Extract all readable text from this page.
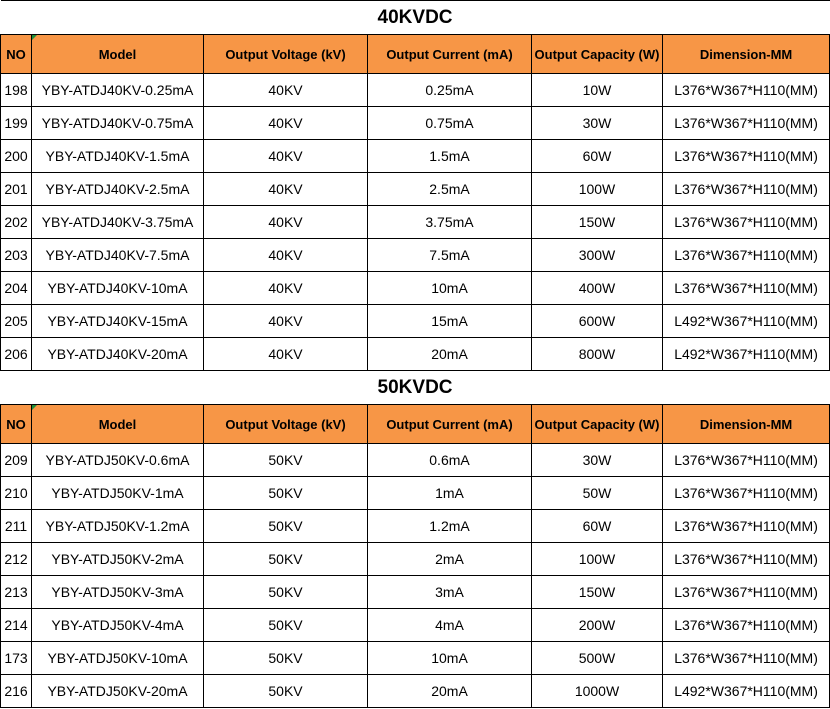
40KVDC					
NO	Model	Output Voltage (kV)	Output Current (mA)	Output Capacity (W)	Dimension-MM
198	YBY-ATDJ40KV-0.25mA	40KV	0.25mA	10W	L376*W367*H110(MM)
199	YBY-ATDJ40KV-0.75mA	40KV	0.75mA	30W	L376*W367*H110(MM)
200	YBY-ATDJ40KV-1.5mA	40KV	1.5mA	60W	L376*W367*H110(MM)
201	YBY-ATDJ40KV-2.5mA	40KV	2.5mA	100W	L376*W367*H110(MM)
202	YBY-ATDJ40KV-3.75mA	40KV	3.75mA	150W	L376*W367*H110(MM)
203	YBY-ATDJ40KV-7.5mA	40KV	7.5mA	300W	L376*W367*H110(MM)
204	YBY-ATDJ40KV-10mA	40KV	10mA	400W	L376*W367*H110(MM)
205	YBY-ATDJ40KV-15mA	40KV	15mA	600W	L492*W367*H110(MM)
206	YBY-ATDJ40KV-20mA	40KV	20mA	800W	L492*W367*H110(MM)
50KVDC					
NO	Model	Output Voltage (kV)	Output Current (mA)	Output Capacity (W)	Dimension-MM
209	YBY-ATDJ50KV-0.6mA	50KV	0.6mA	30W	L376*W367*H110(MM)
210	YBY-ATDJ50KV-1mA	50KV	1mA	50W	L376*W367*H110(MM)
211	YBY-ATDJ50KV-1.2mA	50KV	1.2mA	60W	L376*W367*H110(MM)
212	YBY-ATDJ50KV-2mA	50KV	2mA	100W	L376*W367*H110(MM)
213	YBY-ATDJ50KV-3mA	50KV	3mA	150W	L376*W367*H110(MM)
214	YBY-ATDJ50KV-4mA	50KV	4mA	200W	L376*W367*H110(MM)
173	YBY-ATDJ50KV-10mA	50KV	10mA	500W	L376*W367*H110(MM)
216	YBY-ATDJ50KV-20mA	50KV	20mA	1000W	L492*W367*H110(MM)
